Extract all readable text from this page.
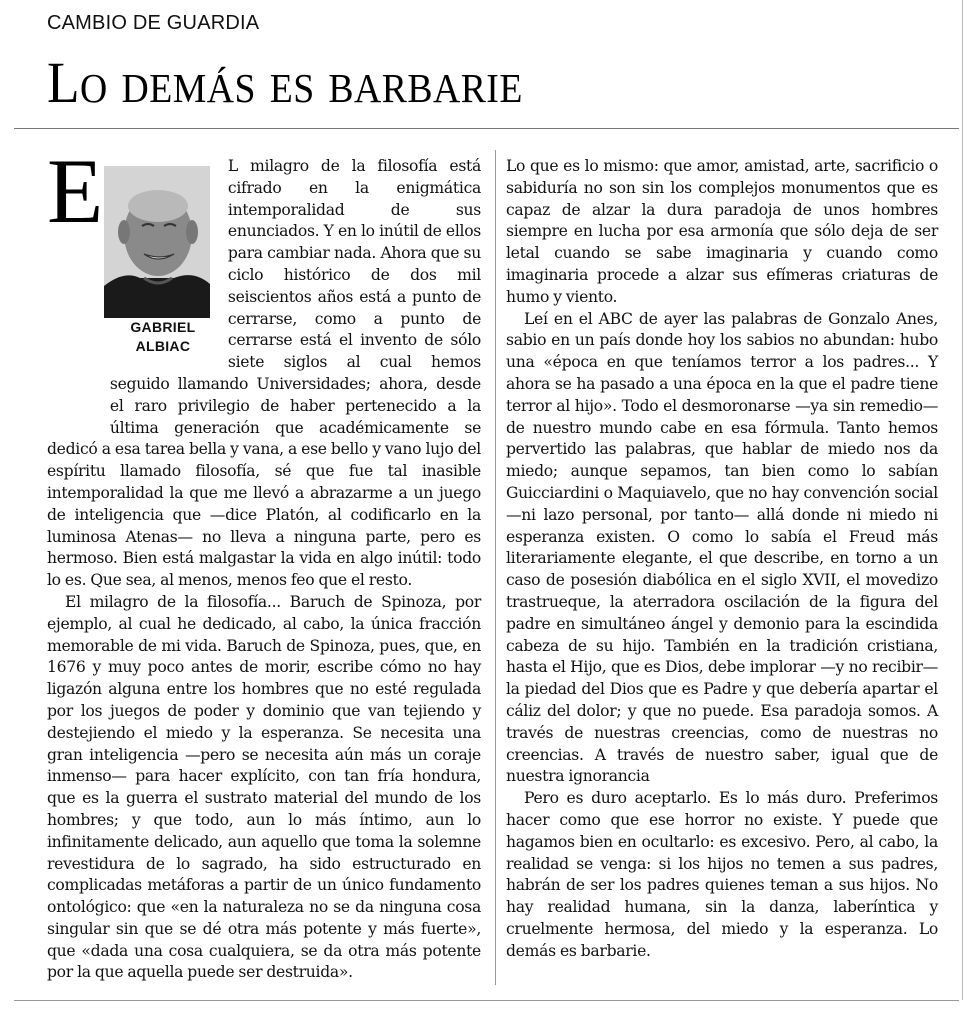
CAMBIO DE GUARDIA
Lo demás es barbarie

E
GABRIEL
ALBIAC
L milagro de la filosofía está cifrado en la enigmática intemporalidad de sus enunciados. Y en lo inútil de ellos para cambiar nada. Ahora que su ciclo histórico de dos mil seiscientos años está a punto de cerrarse, como a punto de cerrarse está el invento de sólo siete siglos al cual hemos seguido llamando Universidades; ahora, desde el raro privilegio de haber pertenecido a la última generación que académicamente se dedicó a esa tarea bella y vana, a ese bello y vano lujo del espíritu llamado filosofía, sé que fue tal inasible intemporalidad la que me llevó a abrazarme a un juego de inteligencia que —dice Platón, al codificarlo en la luminosa Atenas— no lleva a ninguna parte, pero es hermoso. Bien está malgastar la vida en algo inútil: todo lo es. Que sea, al menos, menos feo que el resto.

El milagro de la filosofía... Baruch de Spinoza, por ejemplo, al cual he dedicado, al cabo, la única fracción memorable de mi vida. Baruch de Spinoza, pues, que, en 1676 y muy poco antes de morir, escribe cómo no hay ligazón alguna entre los hombres que no esté regulada por los juegos de poder y dominio que van tejiendo y destejiendo el miedo y la esperanza. Se necesita una gran inteligencia —pero se necesita aún más un coraje inmenso— para hacer explícito, con tan fría hondura, que es la guerra el sustrato material del mundo de los hombres; y que todo, aun lo más íntimo, aun lo infinitamente delicado, aun aquello que toma la solemne revestidura de lo sagrado, ha sido estructurado en complicadas metáforas a partir de un único fundamento ontológico: que «en la naturaleza no se da ninguna cosa singular sin que se dé otra más potente y más fuerte», que «dada una cosa cualquiera, se da otra más potente por la que aquella puede ser destruida».

Lo que es lo mismo: que amor, amistad, arte, sacrificio o sabiduría no son sin los complejos monumentos que es capaz de alzar la dura paradoja de unos hombres siempre en lucha por esa armonía que sólo deja de ser letal cuando se sabe imaginaria y cuando como imaginaria procede a alzar sus efímeras criaturas de humo y viento.

Leí en el ABC de ayer las palabras de Gonzalo Anes, sabio en un país donde hoy los sabios no abundan: hubo una «época en que teníamos terror a los padres... Y ahora se ha pasado a una época en la que el padre tiene terror al hijo». Todo el desmoronarse —ya sin remedio— de nuestro mundo cabe en esa fórmula. Tanto hemos pervertido las palabras, que hablar de miedo nos da miedo; aunque sepamos, tan bien como lo sabían Guicciardini o Maquiavelo, que no hay convención social —ni lazo personal, por tanto— allá donde ni miedo ni esperanza existen. O como lo sabía el Freud más literariamente elegante, el que describe, en torno a un caso de posesión diabólica en el siglo XVII, el movedizo trastrueque, la aterradora oscilación de la figura del padre en simultáneo ángel y demonio para la escindida cabeza de su hijo. También en la tradición cristiana, hasta el Hijo, que es Dios, debe implorar —y no recibir— la piedad del Dios que es Padre y que debería apartar el cáliz del dolor; y que no puede. Esa paradoja somos. A través de nuestras creencias, como de nuestras no creencias. A través de nuestro saber, igual que de nuestra ignorancia

Pero es duro aceptarlo. Es lo más duro. Preferimos hacer como que ese horror no existe. Y puede que hagamos bien en ocultarlo: es excesivo. Pero, al cabo, la realidad se venga: si los hijos no temen a sus padres, habrán de ser los padres quienes teman a sus hijos. No hay realidad humana, sin la danza, laberíntica y cruelmente hermosa, del miedo y la esperanza. Lo demás es barbarie.
